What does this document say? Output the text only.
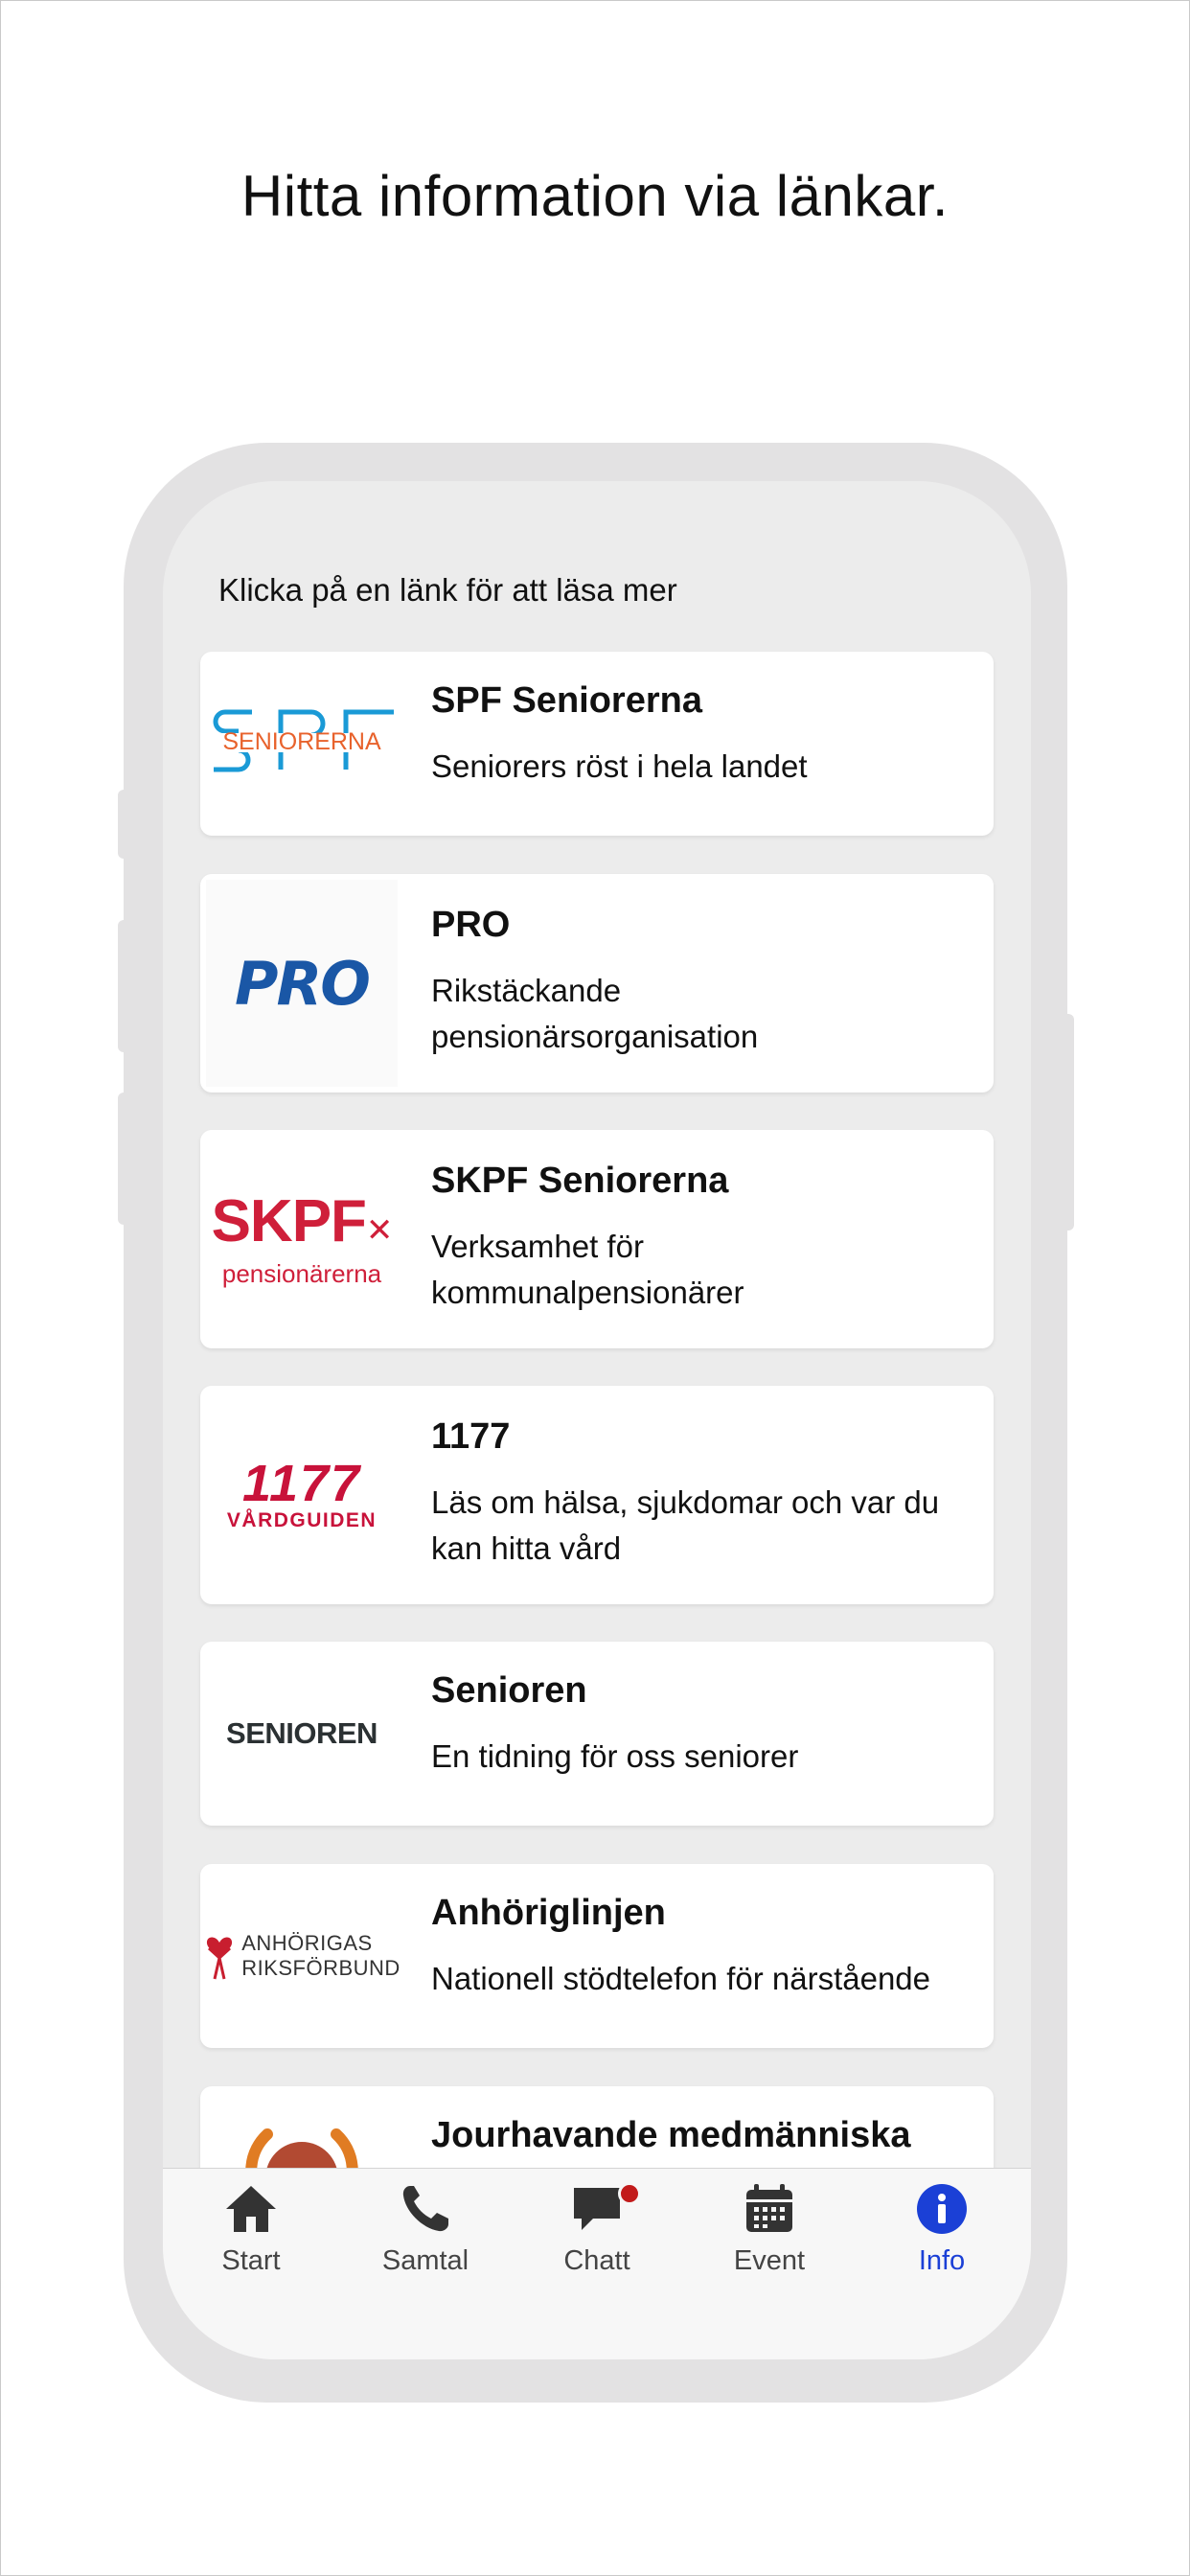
Hitta information via länkar.
Klicka på en länk för att läsa mer
SENIORERNA
SPF Seniorerna
Seniorers röst i hela landet
PRO
PRO
Rikstäckande pensionärsorganisation
SKPF✕
pensionärerna
SKPF Seniorerna
Verksamhet för kommunalpensionärer
1177
VÅRDGUIDEN
1177
Läs om hälsa, sjukdomar och var du kan hitta vård
SENIOREN
Senioren
En tidning för oss seniorer
ANHÖRIGAS
RIKSFÖRBUND
Anhöriglinjen
Nationell stödtelefon för närstående
Jourhavande medmänniska
Start	Samtal	Chatt	Event	Info
